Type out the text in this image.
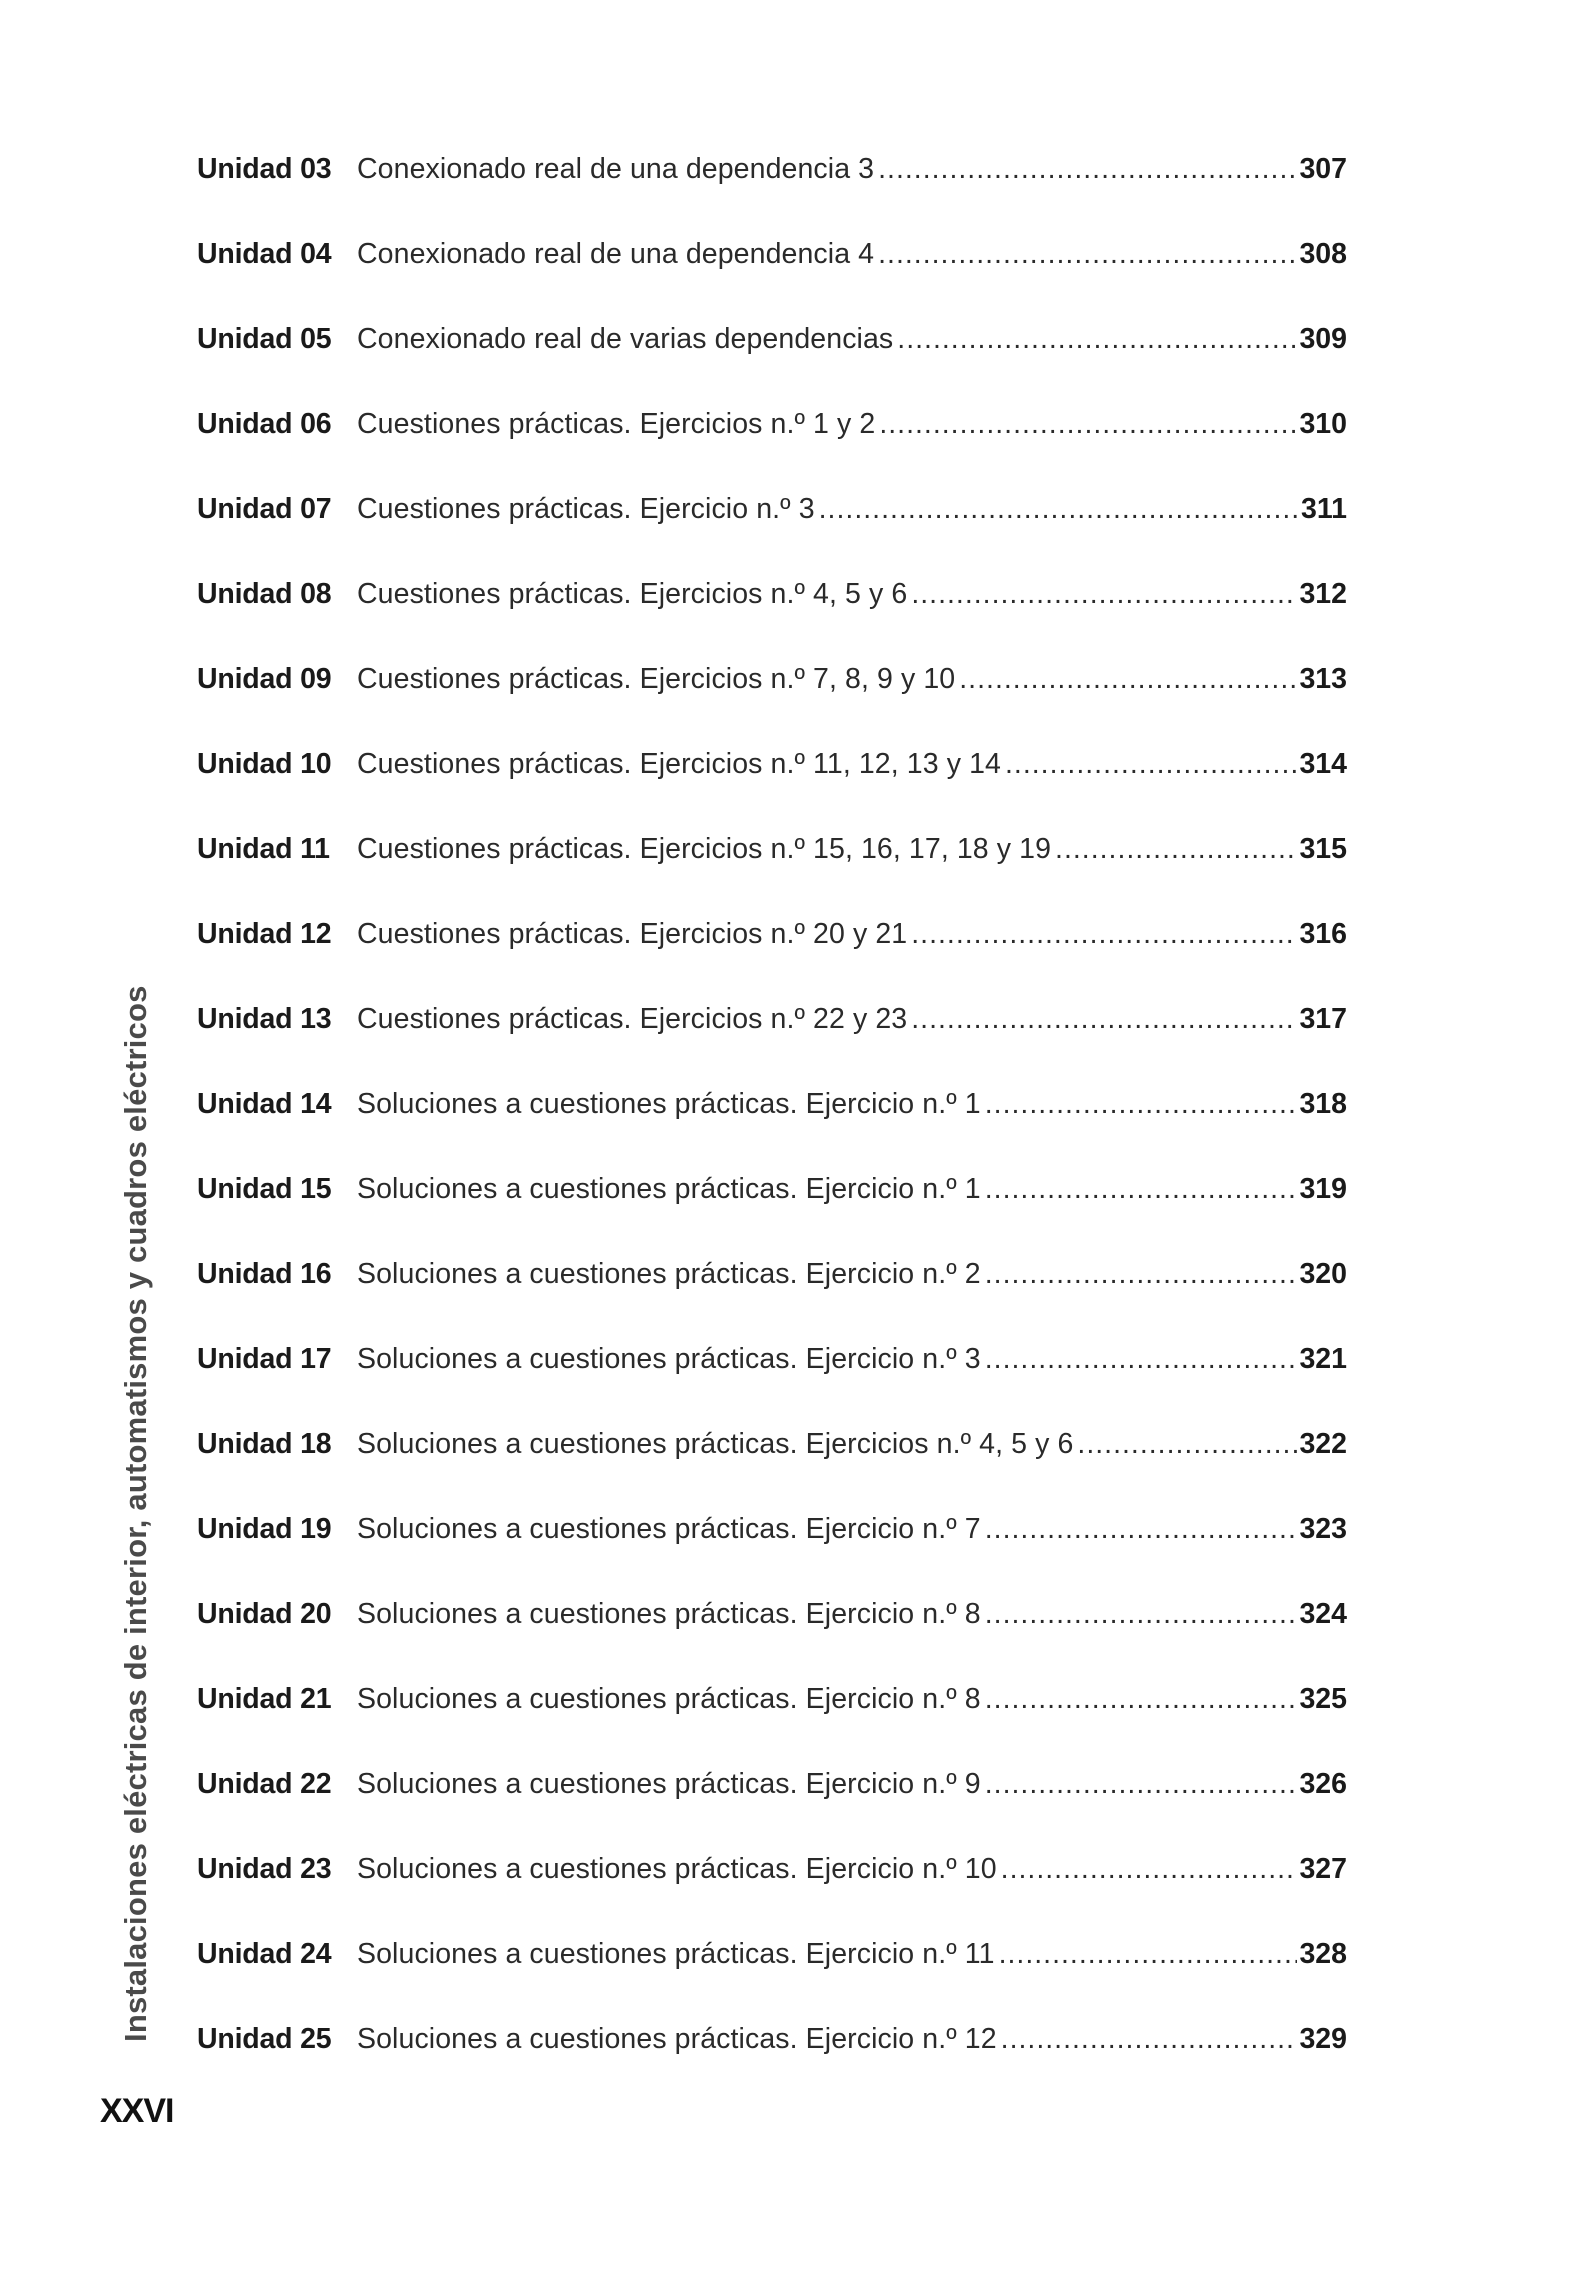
Unidad 03 Conexionado real de una dependencia 3 .....	307
Unidad 04 Conexionado real de una dependencia 4 .....	308
Unidad 05 Conexionado real de varias dependencias .....	309
Unidad 06 Cuestiones prácticas. Ejercicios n.º 1 y 2 .....	310
Unidad 07 Cuestiones prácticas. Ejercicio n.º 3 .....	311
Unidad 08 Cuestiones prácticas. Ejercicios n.º 4, 5 y 6 .....	312
Unidad 09 Cuestiones prácticas. Ejercicios n.º 7, 8, 9 y 10 .....	313
Unidad 10 Cuestiones prácticas. Ejercicios n.º 11, 12, 13 y 14 .....	314
Unidad 11 Cuestiones prácticas. Ejercicios n.º 15, 16, 17, 18 y 19 .....	315
Unidad 12 Cuestiones prácticas. Ejercicios n.º 20 y 21 .....	316
Unidad 13 Cuestiones prácticas. Ejercicios n.º 22 y 23 .....	317
Unidad 14 Soluciones a cuestiones prácticas. Ejercicio n.º 1 .....	318
Unidad 15 Soluciones a cuestiones prácticas. Ejercicio n.º 1 .....	319
Unidad 16 Soluciones a cuestiones prácticas. Ejercicio n.º 2 .....	320
Unidad 17 Soluciones a cuestiones prácticas. Ejercicio n.º 3 .....	321
Unidad 18 Soluciones a cuestiones prácticas. Ejercicios n.º 4, 5 y 6 .....	322
Unidad 19 Soluciones a cuestiones prácticas. Ejercicio n.º 7 .....	323
Unidad 20 Soluciones a cuestiones prácticas. Ejercicio n.º 8 .....	324
Unidad 21 Soluciones a cuestiones prácticas. Ejercicio n.º 8 .....	325
Unidad 22 Soluciones a cuestiones prácticas. Ejercicio n.º 9 .....	326
Unidad 23 Soluciones a cuestiones prácticas. Ejercicio n.º 10 .....	327
Unidad 24 Soluciones a cuestiones prácticas. Ejercicio n.º 11 .....	328
Unidad 25 Soluciones a cuestiones prácticas. Ejercicio n.º 12 .....	329
Instalaciones eléctricas de interior, automatismos y cuadros eléctricos
XXVI
